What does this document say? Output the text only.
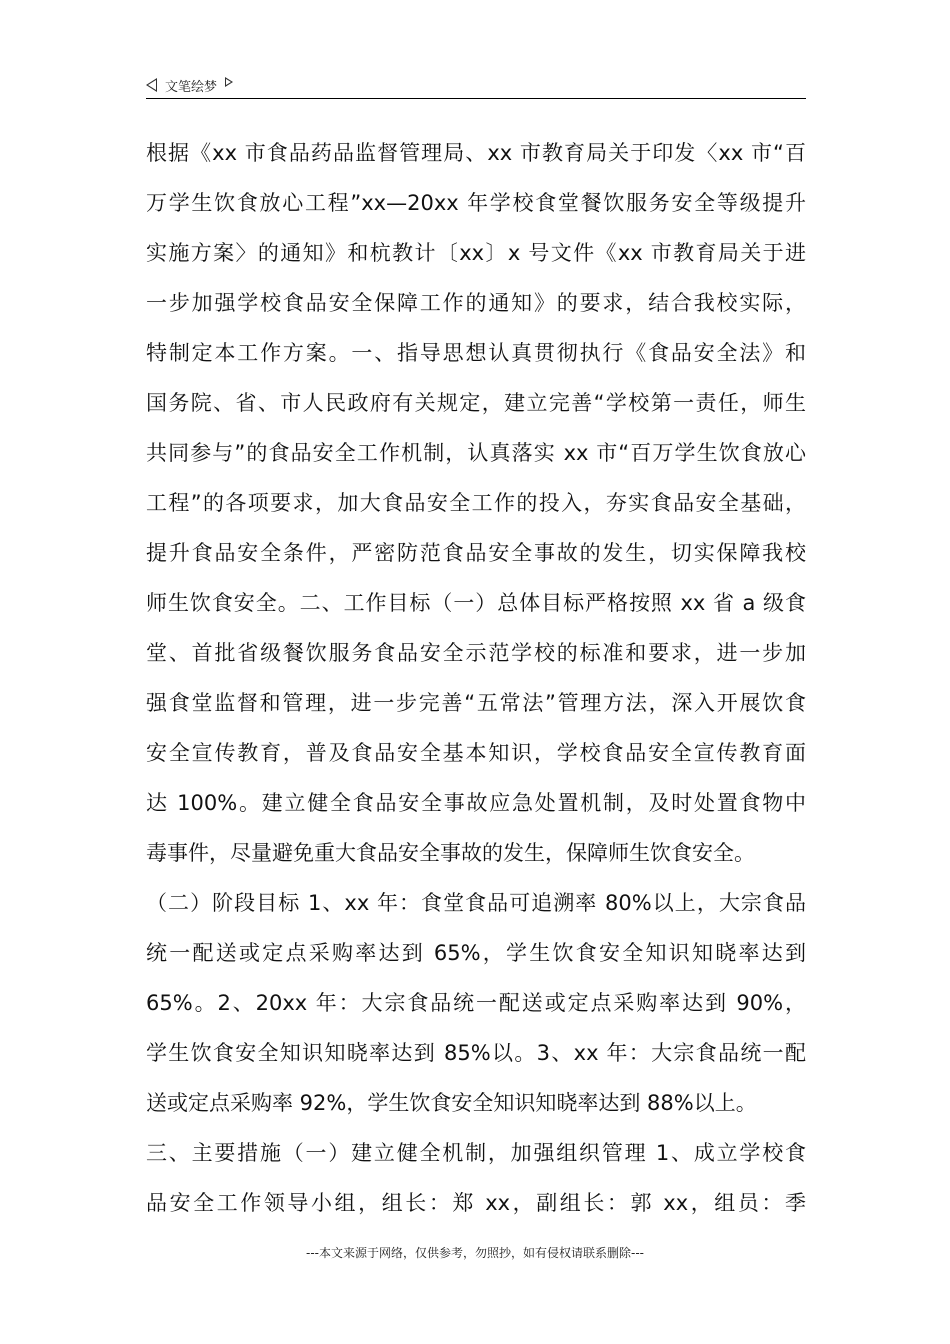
文笔绘梦
根据《xx 市食品药品监督管理局、xx 市教育局关于印发〈xx 市“百
万学生饮食放心工程”xx—20xx 年学校食堂餐饮服务安全等级提升
实施方案〉的通知》和杭教计〔xx〕x 号文件《xx 市教育局关于进
一步加强学校食品安全保障工作的通知》的要求，结合我校实际，
特制定本工作方案。一、指导思想认真贯彻执行《食品安全法》和
国务院、省、市人民政府有关规定，建立完善“学校第一责任，师生
共同参与”的食品安全工作机制，认真落实 xx 市“百万学生饮食放心
工程”的各项要求，加大食品安全工作的投入，夯实食品安全基础，
提升食品安全条件，严密防范食品安全事故的发生，切实保障我校
师生饮食安全。二、工作目标（一）总体目标严格按照 xx 省 a 级食
堂、首批省级餐饮服务食品安全示范学校的标准和要求，进一步加
强食堂监督和管理，进一步完善“五常法”管理方法，深入开展饮食
安全宣传教育，普及食品安全基本知识，学校食品安全宣传教育面
达 100%。建立健全食品安全事故应急处置机制，及时处置食物中
毒事件，尽量避免重大食品安全事故的发生，保障师生饮食安全。
（二）阶段目标 1、xx 年：食堂食品可追溯率 80%以上，大宗食品
统一配送或定点采购率达到 65%，学生饮食安全知识知晓率达到
65%。2、20xx 年：大宗食品统一配送或定点采购率达到 90%，
学生饮食安全知识知晓率达到 85%以。3、xx 年：大宗食品统一配
送或定点采购率 92%，学生饮食安全知识知晓率达到 88%以上。
三、主要措施（一）建立健全机制，加强组织管理 1、成立学校食
品安全工作领导小组，组长：郑 xx，副组长：郭 xx，组员：季
---本文来源于网络，仅供参考，勿照抄，如有侵权请联系删除---
